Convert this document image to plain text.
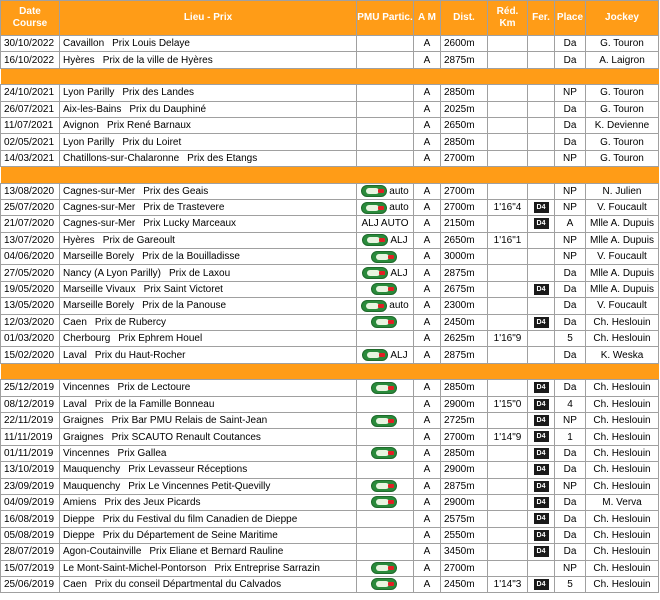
Date Course	Lieu - Prix	PMU Partic.	A M	Dist.	Réd. Km	Fer.	Place	Jockey
30/10/2022	Cavaillon Prix Louis Delaye		A	2600m			Da	G. Touron
16/10/2022	Hyères Prix de la ville de Hyères		A	2875m			Da	A. Laigron

24/10/2021	Lyon Parilly Prix des Landes		A	2850m			NP	G. Touron
26/07/2021	Aix-les-Bains Prix du Dauphiné		A	2025m			Da	G. Touron
11/07/2021	Avignon Prix René Barnaux		A	2650m			Da	K. Devienne
02/05/2021	Lyon Parilly Prix du Loiret		A	2850m			Da	G. Touron
14/03/2021	Chatillons-sur-Chalaronne Prix des Etangs		A	2700m			NP	G. Touron

13/08/2020	Cagnes-sur-Mer Prix des Geais	auto	A	2700m			NP	N. Julien
25/07/2020	Cagnes-sur-Mer Prix de Trastevere	auto	A	2700m	1'16"4	D4	NP	V. Foucault
21/07/2020	Cagnes-sur-Mer Prix Lucky Marceaux	ALJ AUTO	A	2150m		D4	A	Mlle A. Dupuis
13/07/2020	Hyères Prix de Gareoult	ALJ	A	2650m	1'16"1		NP	Mlle A. Dupuis
04/06/2020	Marseille Borely Prix de la Bouilladisse		A	3000m			NP	V. Foucault
27/05/2020	Nancy (A Lyon Parilly) Prix de Laxou	ALJ	A	2875m			Da	Mlle A. Dupuis
19/05/2020	Marseille Vivaux Prix Saint Victoret		A	2675m		D4	Da	Mlle A. Dupuis
13/05/2020	Marseille Borely Prix de la Panouse	auto	A	2300m			Da	V. Foucault
12/03/2020	Caen Prix de Rubercy		A	2450m		D4	Da	Ch. Heslouin
01/03/2020	Cherbourg Prix Ephrem Houel		A	2625m	1'16"9		5	Ch. Heslouin
15/02/2020	Laval Prix du Haut-Rocher	ALJ	A	2875m			Da	K. Weska

25/12/2019	Vincennes Prix de Lectoure		A	2850m		D4	Da	Ch. Heslouin
08/12/2019	Laval Prix de la Famille Bonneau		A	2900m	1'15"0	D4	4	Ch. Heslouin
22/11/2019	Graignes Prix Bar PMU Relais de Saint-Jean		A	2725m		D4	NP	Ch. Heslouin
11/11/2019	Graignes Prix SCAUTO Renault Coutances		A	2700m	1'14"9	D4	1	Ch. Heslouin
01/11/2019	Vincennes Prix Gallea		A	2850m		D4	Da	Ch. Heslouin
13/10/2019	Mauquenchy Prix Levasseur Réceptions		A	2900m		D4	Da	Ch. Heslouin
23/09/2019	Mauquenchy Prix Le Vincennes Petit-Quevilly		A	2875m		D4	NP	Ch. Heslouin
04/09/2019	Amiens Prix des Jeux Picards		A	2900m		D4	Da	M. Verva
16/08/2019	Dieppe Prix du Festival du film Canadien de Dieppe		A	2575m		D4	Da	Ch. Heslouin
05/08/2019	Dieppe Prix du Département de Seine Maritime		A	2550m		D4	Da	Ch. Heslouin
28/07/2019	Agon-Coutainville Prix Eliane et Bernard Rauline		A	3450m		D4	Da	Ch. Heslouin
15/07/2019	Le Mont-Saint-Michel-Pontorson Prix Entreprise Sarrazin		A	2700m			NP	Ch. Heslouin
25/06/2019	Caen Prix du conseil Départmental du Calvados		A	2450m	1'14"3	D4	5	Ch. Heslouin
